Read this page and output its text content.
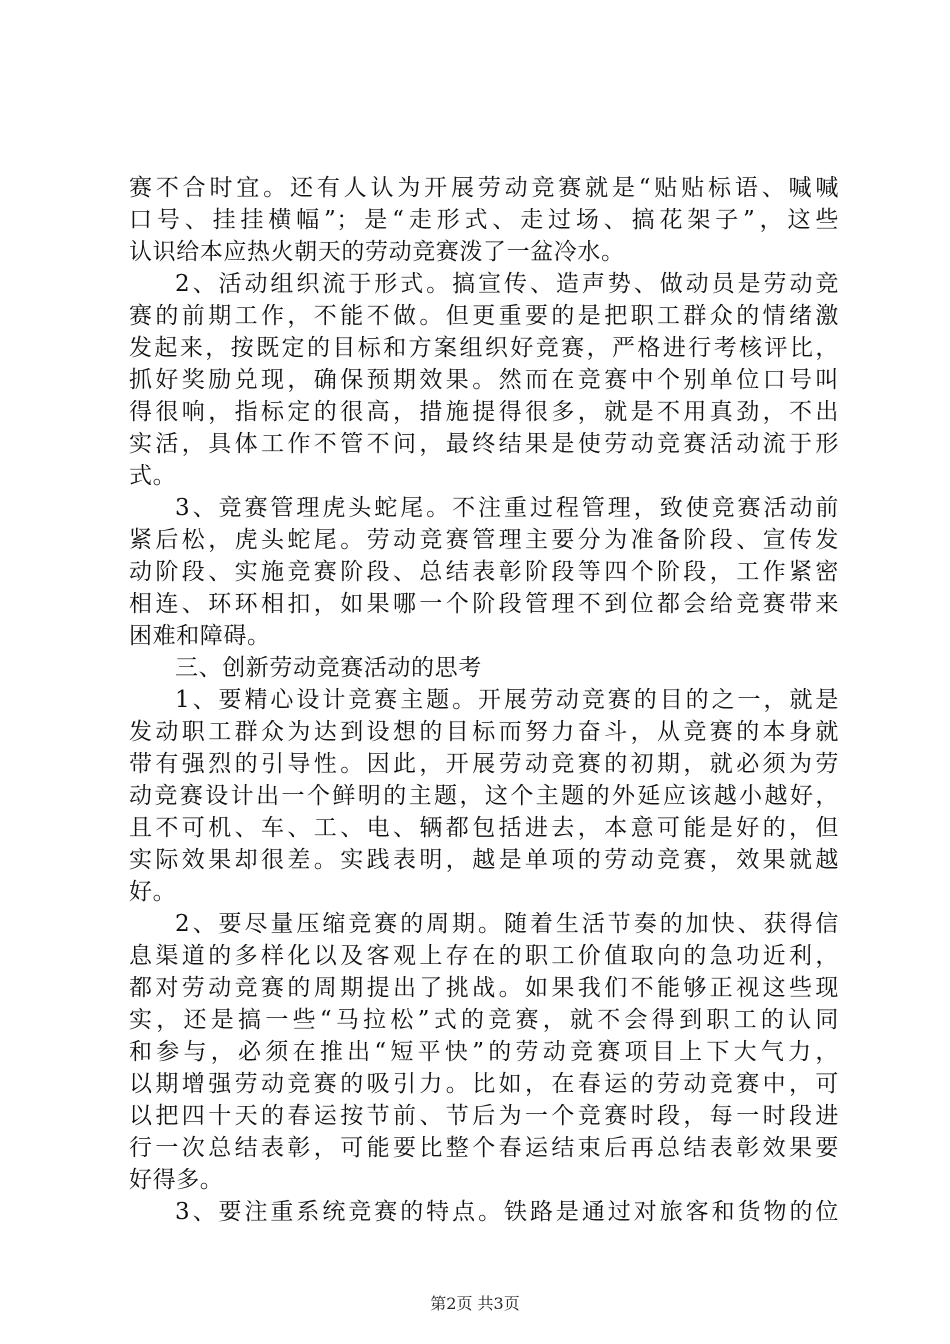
赛不合时宜。还有人认为开展劳动竞赛就是“贴贴标语、喊喊
口号、挂挂横幅”；是“走形式、走过场、搞花架子”，这些
认识给本应热火朝天的劳动竞赛泼了一盆冷水。
2、活动组织流于形式。搞宣传、造声势、做动员是劳动竞
赛的前期工作，不能不做。但更重要的是把职工群众的情绪激
发起来，按既定的目标和方案组织好竞赛，严格进行考核评比，
抓好奖励兑现，确保预期效果。然而在竞赛中个别单位口号叫
得很响，指标定的很高，措施提得很多，就是不用真劲，不出
实活，具体工作不管不问，最终结果是使劳动竞赛活动流于形
式。
3、竞赛管理虎头蛇尾。不注重过程管理，致使竞赛活动前
紧后松，虎头蛇尾。劳动竞赛管理主要分为准备阶段、宣传发
动阶段、实施竞赛阶段、总结表彰阶段等四个阶段，工作紧密
相连、环环相扣，如果哪一个阶段管理不到位都会给竞赛带来
困难和障碍。
三、创新劳动竞赛活动的思考
1、要精心设计竞赛主题。开展劳动竞赛的目的之一，就是
发动职工群众为达到设想的目标而努力奋斗，从竞赛的本身就
带有强烈的引导性。因此，开展劳动竞赛的初期，就必须为劳
动竞赛设计出一个鲜明的主题，这个主题的外延应该越小越好，
且不可机、车、工、电、辆都包括进去，本意可能是好的，但
实际效果却很差。实践表明，越是单项的劳动竞赛，效果就越
好。
2、要尽量压缩竞赛的周期。随着生活节奏的加快、获得信
息渠道的多样化以及客观上存在的职工价值取向的急功近利，
都对劳动竞赛的周期提出了挑战。如果我们不能够正视这些现
实，还是搞一些“马拉松”式的竞赛，就不会得到职工的认同
和参与，必须在推出“短平快”的劳动竞赛项目上下大气力，
以期增强劳动竞赛的吸引力。比如，在春运的劳动竞赛中，可
以把四十天的春运按节前、节后为一个竞赛时段，每一时段进
行一次总结表彰，可能要比整个春运结束后再总结表彰效果要
好得多。
3、要注重系统竞赛的特点。铁路是通过对旅客和货物的位
第2页 共3页
